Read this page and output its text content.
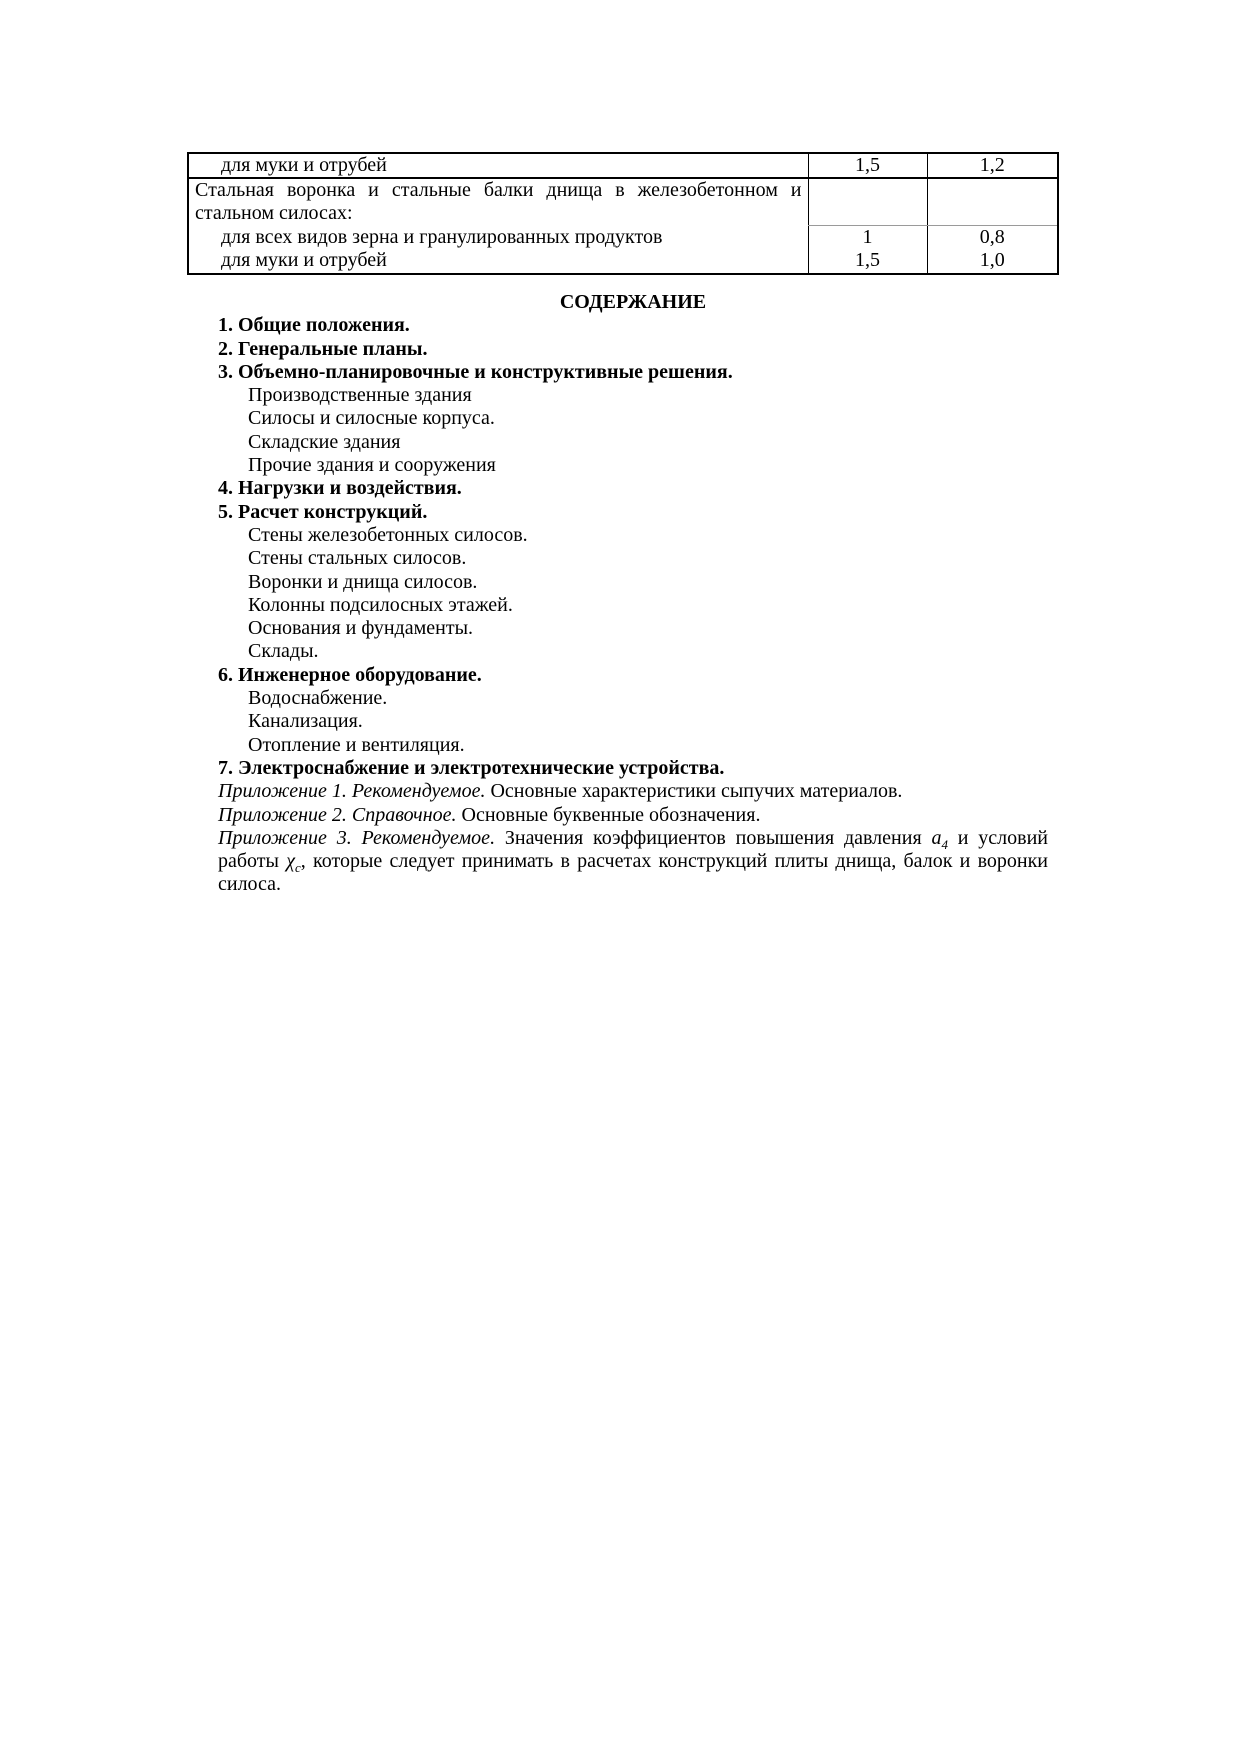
для муки и отрубей	1,5	1,2
Стальная воронка и стальные балки днища в железобетонном и стальном силосах:		
для всех видов зерна и гранулированных продуктов	1	0,8
для муки и отрубей	1,5	1,0
СОДЕРЖАНИЕ
1. Общие положения.
2. Генеральные планы.
3. Объемно-планировочные и конструктивные решения.
Производственные здания
Силосы и силосные корпуса.
Складские здания
Прочие здания и сооружения
4. Нагрузки и воздействия.
5. Расчет конструкций.
Стены железобетонных силосов.
Стены стальных силосов.
Воронки и днища силосов.
Колонны подсилосных этажей.
Основания и фундаменты.
Склады.
6. Инженерное оборудование.
Водоснабжение.
Канализация.
Отопление и вентиляция.
7. Электроснабжение и электротехнические устройства.
Приложение 1. Рекомендуемое. Основные характеристики сыпучих материалов.
Приложение 2. Справочное. Основные буквенные обозначения.
Приложение 3. Рекомендуемое. Значения коэффициентов повышения давления $a_4$ и условий работы $\chi_c$, которые следует принимать в расчетах конструкций плиты днища, балок и воронки силоса.
